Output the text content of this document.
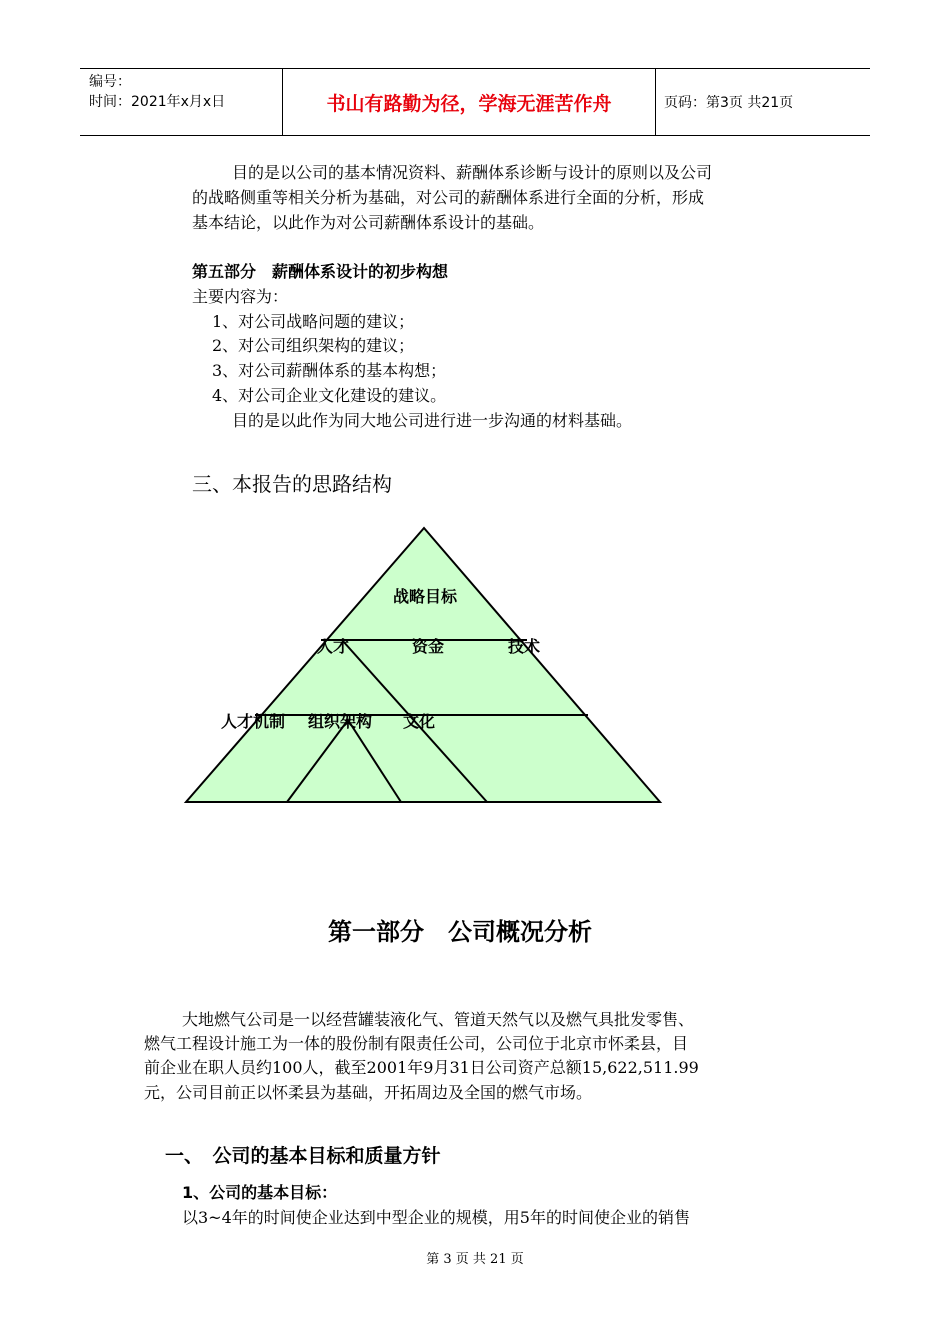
编号：
时间：2021年x月x日	书山有路勤为径，学海无涯苦作舟	页码：第3页 共21页
目的是以公司的基本情况资料、薪酬体系诊断与设计的原则以及公司
的战略侧重等相关分析为基础，对公司的薪酬体系进行全面的分析，形成
基本结论，以此作为对公司薪酬体系设计的基础。
第五部分　薪酬体系设计的初步构想
主要内容为：
1、对公司战略问题的建议；
2、对公司组织架构的建议；
3、对公司薪酬体系的基本构想；
4、对公司企业文化建设的建议。
目的是以此作为同大地公司进行进一步沟通的材料基础。
三、本报告的思路结构
战略目标
人才	资金	技术
人才机制 组织架构 文化
第一部分　公司概况分析
大地燃气公司是一以经营罐装液化气、管道天然气以及燃气具批发零售、
燃气工程设计施工为一体的股份制有限责任公司，公司位于北京市怀柔县，目
前企业在职人员约100人，截至2001年9月31日公司资产总额15,622,511.99
元，公司目前正以怀柔县为基础，开拓周边及全国的燃气市场。
一、　公司的基本目标和质量方针
1、公司的基本目标：
以3~4年的时间使企业达到中型企业的规模，用5年的时间使企业的销售
第 3 页 共 21 页
